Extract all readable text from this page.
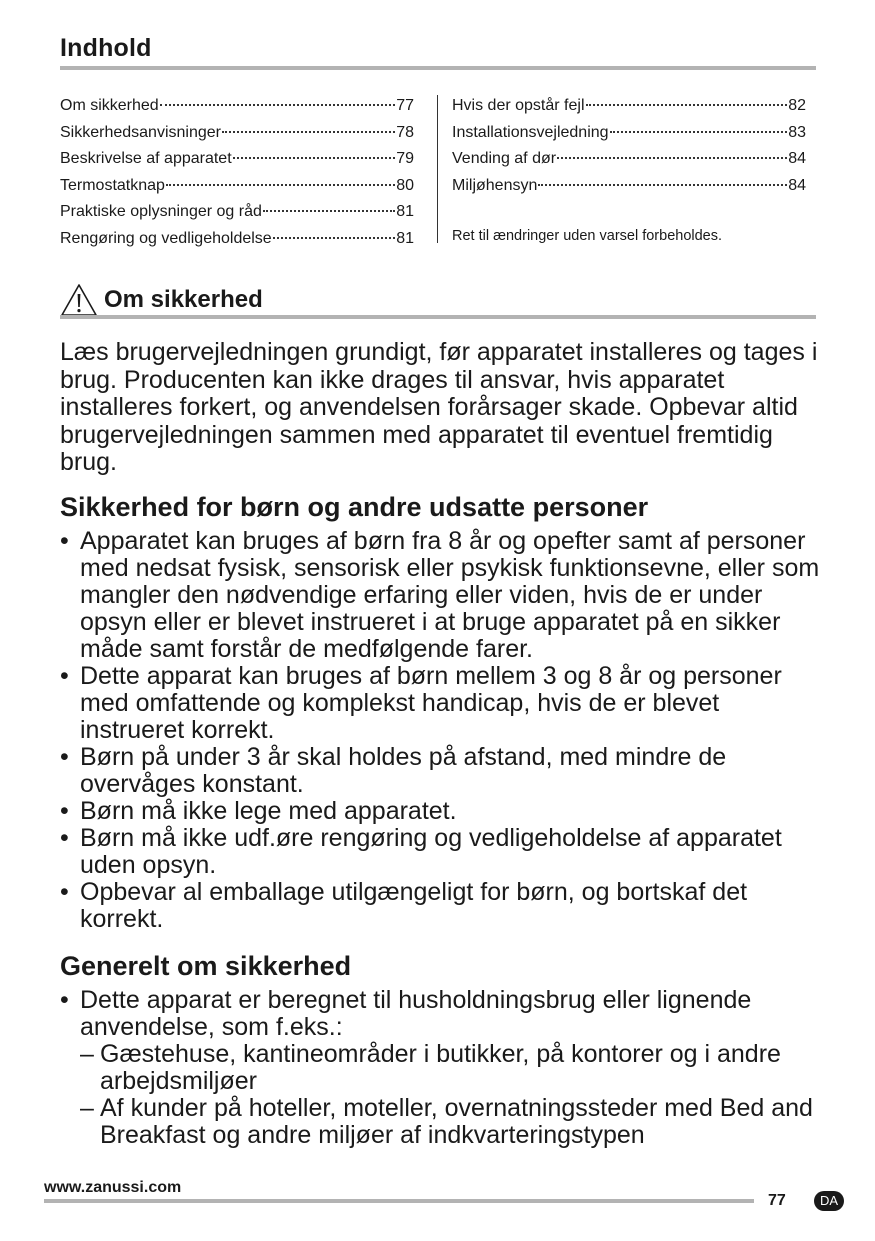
Indhold
Om sikkerhed	77
Sikkerhedsanvisninger	78
Beskrivelse af apparatet	79
Termostatknap	80
Praktiske oplysninger og råd	81
Rengøring og vedligeholdelse	81
Hvis der opstår fejl	82
Installationsvejledning	83
Vending af dør	84
Miljøhensyn	84
Ret til ændringer uden varsel forbeholdes.
Om sikkerhed
Læs brugervejledningen grundigt, før apparatet installeres og tages i brug. Producenten kan ikke drages til ansvar, hvis apparatet installeres forkert, og anvendelsen forårsager skade. Opbevar altid brugervejledningen sammen med apparatet til eventuel fremtidig brug.
Sikkerhed for børn og andre udsatte personer
• Apparatet kan bruges af børn fra 8 år og opefter samt af personer med nedsat fysisk, sensorisk eller psykisk funktionsevne, eller som mangler den nødvendige erfaring eller viden, hvis de er under opsyn eller er blevet instrueret i at bruge apparatet på en sikker måde samt forstår de medfølgende farer.
• Dette apparat kan bruges af børn mellem 3 og 8 år og personer med omfattende og komplekst handicap, hvis de er blevet instrueret korrekt.
• Børn på under 3 år skal holdes på afstand, med mindre de overvåges konstant.
• Børn må ikke lege med apparatet.
• Børn må ikke udf.øre rengøring og vedligeholdelse af apparatet uden opsyn.
• Opbevar al emballage utilgængeligt for børn, og bortskaf det korrekt.
Generelt om sikkerhed
• Dette apparat er beregnet til husholdningsbrug eller lignende anvendelse, som f.eks.:
– Gæstehuse, kantineområder i butikker, på kontorer og i andre arbejdsmiljøer
– Af kunder på hoteller, moteller, overnatningssteder med Bed and Breakfast og andre miljøer af indkvarteringstypen
www.zanussi.com
77	DA
